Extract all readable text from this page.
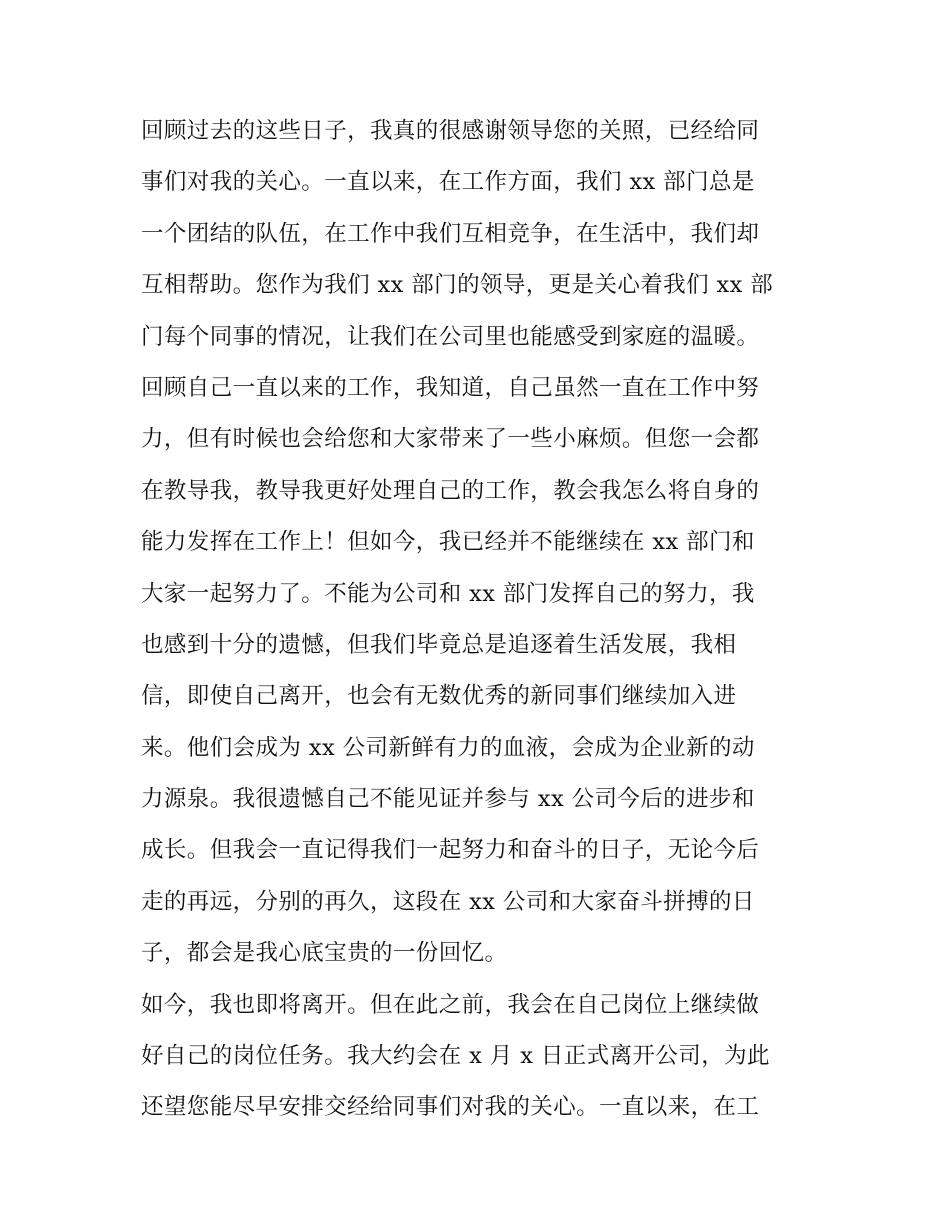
回顾过去的这些日子，我真的很感谢领导您的关照，已经给同
事们对我的关心。一直以来，在工作方面，我们 xx 部门总是
一个团结的队伍，在工作中我们互相竞争，在生活中，我们却
互相帮助。您作为我们 xx 部门的领导，更是关心着我们 xx 部
门每个同事的情况，让我们在公司里也能感受到家庭的温暖。
回顾自己一直以来的工作，我知道，自己虽然一直在工作中努
力，但有时候也会给您和大家带来了一些小麻烦。但您一会都
在教导我，教导我更好处理自己的工作，教会我怎么将自身的
能力发挥在工作上！但如今，我已经并不能继续在 xx 部门和
大家一起努力了。不能为公司和 xx 部门发挥自己的努力，我
也感到十分的遗憾，但我们毕竟总是追逐着生活发展，我相
信，即使自己离开，也会有无数优秀的新同事们继续加入进
来。他们会成为 xx 公司新鲜有力的血液，会成为企业新的动
力源泉。我很遗憾自己不能见证并参与 xx 公司今后的进步和
成长。但我会一直记得我们一起努力和奋斗的日子，无论今后
走的再远，分别的再久，这段在 xx 公司和大家奋斗拼搏的日
子，都会是我心底宝贵的一份回忆。
如今，我也即将离开。但在此之前，我会在自己岗位上继续做
好自己的岗位任务。我大约会在 x 月 x 日正式离开公司，为此
还望您能尽早安排交经给同事们对我的关心。一直以来，在工
